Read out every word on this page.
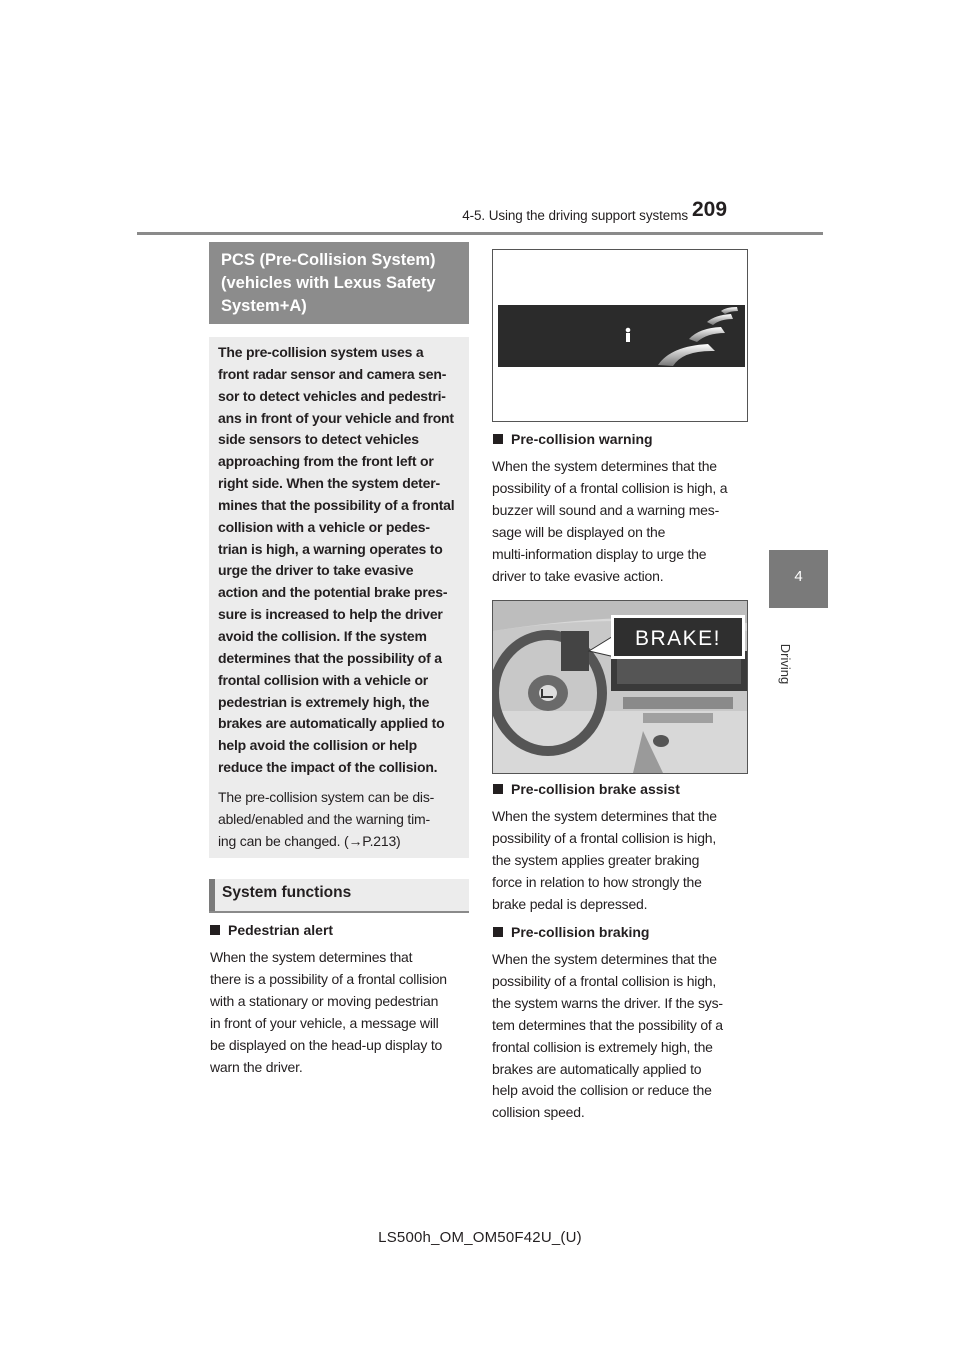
4-5. Using the driving support systems 209
4
Driving
PCS (Pre-Collision System)
(vehicles with Lexus Safety
System+A)
The pre-collision system uses a
front radar sensor and camera sen-
sor to detect vehicles and pedestri-
ans in front of your vehicle and front
side sensors to detect vehicles
approaching from the front left or
right side. When the system deter-
mines that the possibility of a frontal
collision with a vehicle or pedes-
trian is high, a warning operates to
urge the driver to take evasive
action and the potential brake pres-
sure is increased to help the driver
avoid the collision. If the system
determines that the possibility of a
frontal collision with a vehicle or
pedestrian is extremely high, the
brakes are automatically applied to
help avoid the collision or help
reduce the impact of the collision.
The pre-collision system can be dis-
abled/enabled and the warning tim-
ing can be changed. (→P.213)
System functions
Pedestrian alert
When the system determines that
there is a possibility of a frontal collision
with a stationary or moving pedestrian
in front of your vehicle, a message will
be displayed on the head-up display to
warn the driver.
Pre-collision warning
When the system determines that the
possibility of a frontal collision is high, a
buzzer will sound and a warning mes-
sage will be displayed on the
multi-information display to urge the
driver to take evasive action.
BRAKE!
Pre-collision brake assist
When the system determines that the
possibility of a frontal collision is high,
the system applies greater braking
force in relation to how strongly the
brake pedal is depressed.
Pre-collision braking
When the system determines that the
possibility of a frontal collision is high,
the system warns the driver. If the sys-
tem determines that the possibility of a
frontal collision is extremely high, the
brakes are automatically applied to
help avoid the collision or reduce the
collision speed.
LS500h_OM_OM50F42U_(U)
